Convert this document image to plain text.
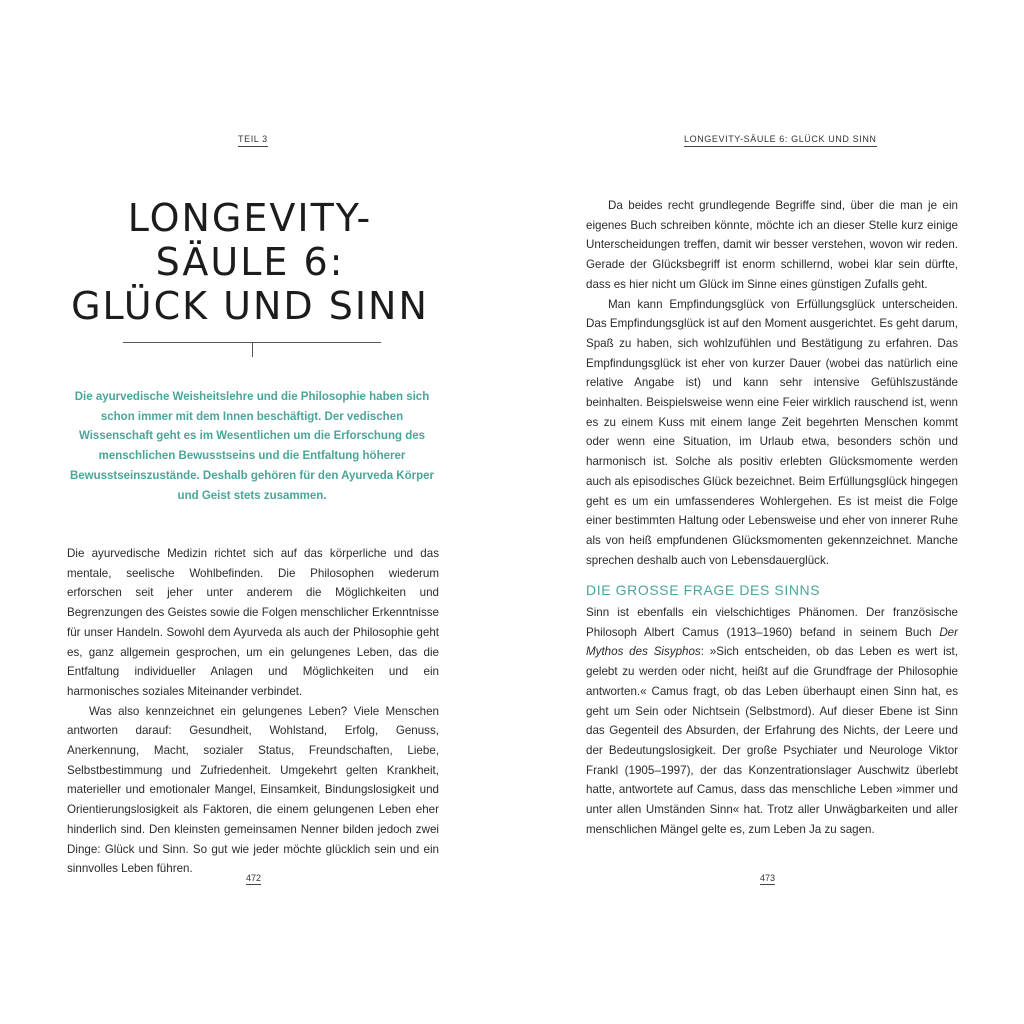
TEIL 3
LONGEVITY-
SÄULE 6:
GLÜCK UND SINN

Die ayurvedische Weisheitslehre und die Philosophie haben sich schon immer mit dem Innen beschäftigt. Der vedischen Wissenschaft geht es im Wesentlichen um die Erforschung des menschlichen Bewusstseins und die Entfaltung höherer Bewusstseinszustände. Deshalb gehören für den Ayurveda Körper und Geist stets zusammen.

Die ayurvedische Medizin richtet sich auf das körperliche und das mentale, seelische Wohlbefinden. Die Philosophen wiederum erforschen seit jeher unter anderem die Möglichkeiten und Begrenzungen des Geistes sowie die Folgen menschlicher Erkenntnisse für unser Handeln. Sowohl dem Ayurveda als auch der Philosophie geht es, ganz allgemein gesprochen, um ein gelungenes Leben, das die Entfaltung individueller Anlagen und Möglichkeiten und ein harmonisches soziales Miteinander verbindet.

Was also kennzeichnet ein gelungenes Leben? Viele Menschen antworten darauf: Gesundheit, Wohlstand, Erfolg, Genuss, Anerkennung, Macht, sozialer Status, Freundschaften, Liebe, Selbstbestimmung und Zufriedenheit. Umgekehrt gelten Krankheit, materieller und emotionaler Mangel, Einsamkeit, Bindungslosigkeit und Orientierungslosigkeit als Faktoren, die einem gelungenen Leben eher hinderlich sind. Den kleinsten gemeinsamen Nenner bilden jedoch zwei Dinge: Glück und Sinn. So gut wie jeder möchte glücklich sein und ein sinnvolles Leben führen.

472
LONGEVITY-SÄULE 6: GLÜCK UND SINN

Da beides recht grundlegende Begriffe sind, über die man je ein eigenes Buch schreiben könnte, möchte ich an dieser Stelle kurz einige Unterscheidungen treffen, damit wir besser verstehen, wovon wir reden. Gerade der Glücksbegriff ist enorm schillernd, wobei klar sein dürfte, dass es hier nicht um Glück im Sinne eines günstigen Zufalls geht.

Man kann Empfindungsglück von Erfüllungsglück unterscheiden. Das Empfindungsglück ist auf den Moment ausgerichtet. Es geht darum, Spaß zu haben, sich wohlzufühlen und Bestätigung zu erfahren. Das Empfindungsglück ist eher von kurzer Dauer (wobei das natürlich eine relative Angabe ist) und kann sehr intensive Gefühlszustände beinhalten. Beispielsweise wenn eine Feier wirklich rauschend ist, wenn es zu einem Kuss mit einem lange Zeit begehrten Menschen kommt oder wenn eine Situation, im Urlaub etwa, besonders schön und harmonisch ist. Solche als positiv erlebten Glücksmomente werden auch als episodisches Glück bezeichnet. Beim Erfüllungsglück hingegen geht es um ein umfassenderes Wohlergehen. Es ist meist die Folge einer bestimmten Haltung oder Lebensweise und eher von innerer Ruhe als von heiß empfundenen Glücksmomenten gekennzeichnet. Manche sprechen deshalb auch von Lebensdauerglück.

DIE GROSSE FRAGE DES SINNS

Sinn ist ebenfalls ein vielschichtiges Phänomen. Der französische Philosoph Albert Camus (1913–1960) befand in seinem Buch Der Mythos des Sisyphos: »Sich entscheiden, ob das Leben es wert ist, gelebt zu werden oder nicht, heißt auf die Grundfrage der Philosophie antworten.« Camus fragt, ob das Leben überhaupt einen Sinn hat, es geht um Sein oder Nichtsein (Selbstmord). Auf dieser Ebene ist Sinn das Gegenteil des Absurden, der Erfahrung des Nichts, der Leere und der Bedeutungslosigkeit. Der große Psychiater und Neurologe Viktor Frankl (1905–1997), der das Konzentrationslager Auschwitz überlebt hatte, antwortete auf Camus, dass das menschliche Leben »immer und unter allen Umständen Sinn« hat. Trotz aller Unwägbarkeiten und aller menschlichen Mängel gelte es, zum Leben Ja zu sagen.

473
